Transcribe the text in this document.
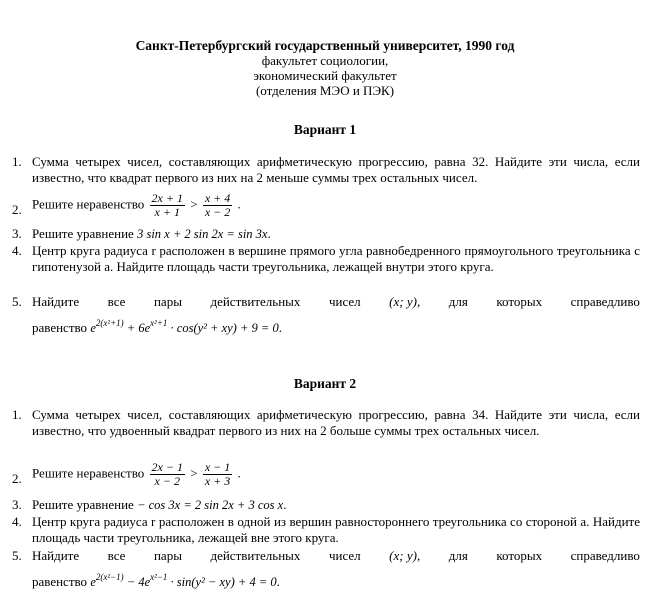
Санкт-Петербургский государственный университет, 1990 год
факультет социологии,
экономический факультет
(отделения МЭО и ПЭК)
Вариант 1
1. Сумма четырех чисел, составляющих арифметическую прогрессию, равна 32. Найдите эти числа, если известно, что квадрат первого из них на 2 меньше суммы трех остальных чисел.
2. Решите неравенство $\frac{2x + 1}{x + 1} > \frac{x + 4}{x - 2}$ .
3. Решите уравнение 3 sin x + 2 sin 2x = sin 3x.
4. Центр круга радиуса r расположен в вершине прямого угла равнобедренного прямоугольного треугольника с гипотенузой a. Найдите площадь части треугольника, лежащей внутри этого круга.
5. Найдите все пары действительных чисел (x; y), для которых справедливо
равенство $e^{2(x^2+1)} + 6e^{x^2+1} \cdot \cos(y^2 + xy) + 9 = 0$.
Вариант 2
1. Сумма четырех чисел, составляющих арифметическую прогрессию, равна 34. Найдите эти числа, если известно, что удвоенный квадрат первого из них на 2 больше суммы трех остальных чисел.
2. Решите неравенство $\frac{2x - 1}{x - 2} > \frac{x - 1}{x + 3}$ .
3. Решите уравнение − cos 3x = 2 sin 2x + 3 cos x.
4. Центр круга радиуса r расположен в одной из вершин равностороннего треугольника со стороной a. Найдите площадь части треугольника, лежащей вне этого круга.
5. Найдите все пары действительных чисел (x; y), для которых справедливо
равенство $e^{2(x^2-1)} - 4e^{x^2-1} \cdot \sin(y^2 - xy) + 4 = 0$.
